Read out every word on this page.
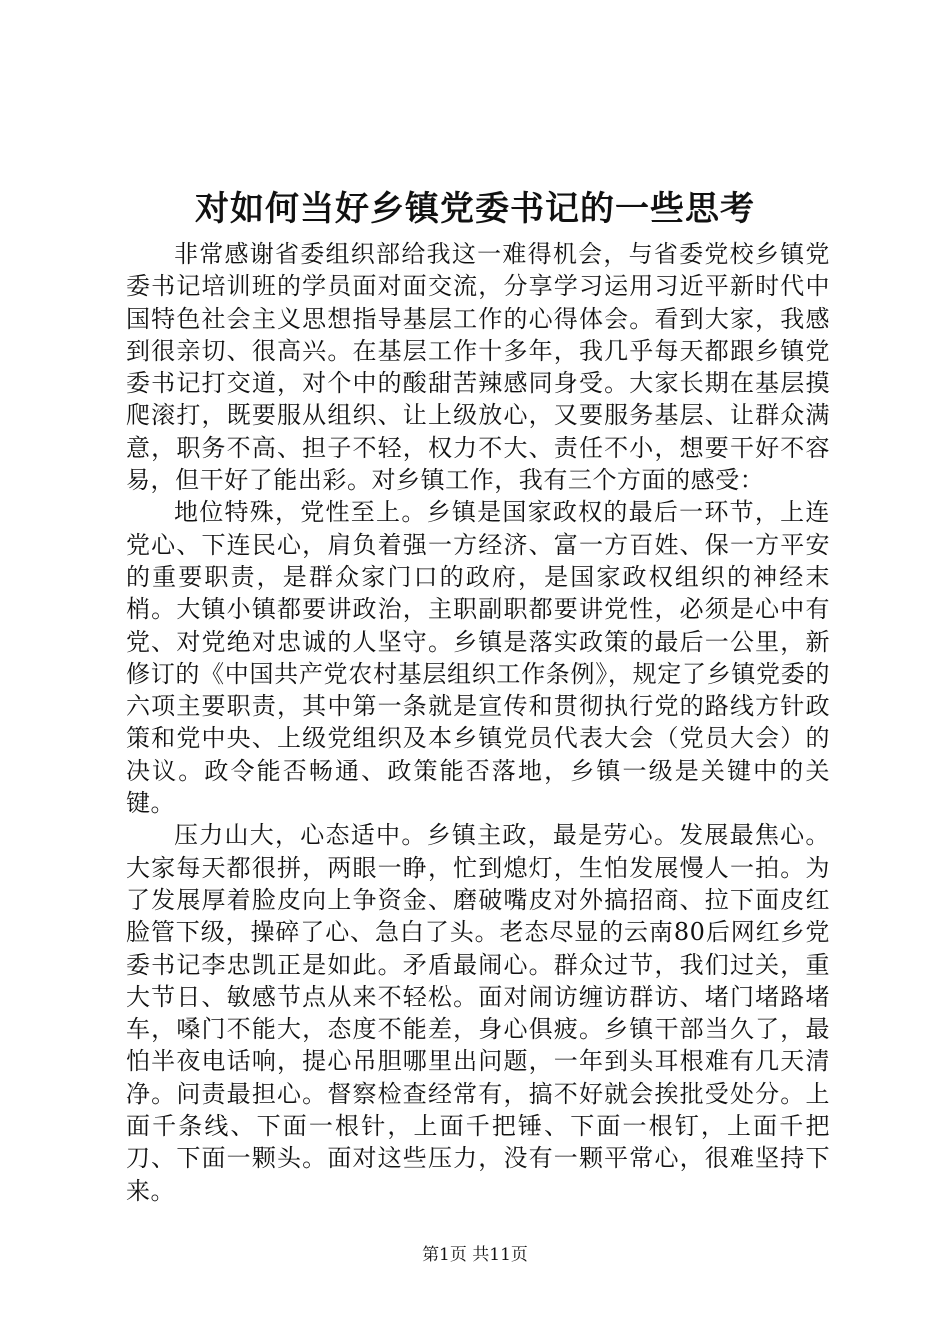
对如何当好乡镇党委书记的一些思考

非常感谢省委组织部给我这一难得机会，与省委党校乡镇党委书记培训班的学员面对面交流，分享学习运用习近平新时代中国特色社会主义思想指导基层工作的心得体会。看到大家，我感到很亲切、很高兴。在基层工作十多年，我几乎每天都跟乡镇党委书记打交道，对个中的酸甜苦辣感同身受。大家长期在基层摸爬滚打，既要服从组织、让上级放心，又要服务基层、让群众满意，职务不高、担子不轻，权力不大、责任不小，想要干好不容易，但干好了能出彩。对乡镇工作，我有三个方面的感受：

地位特殊，党性至上。乡镇是国家政权的最后一环节，上连党心、下连民心，肩负着强一方经济、富一方百姓、保一方平安的重要职责，是群众家门口的政府，是国家政权组织的神经末梢。大镇小镇都要讲政治，主职副职都要讲党性，必须是心中有党、对党绝对忠诚的人坚守。乡镇是落实政策的最后一公里，新修订的《中国共产党农村基层组织工作条例》，规定了乡镇党委的六项主要职责，其中第一条就是宣传和贯彻执行党的路线方针政策和党中央、上级党组织及本乡镇党员代表大会（党员大会）的决议。政令能否畅通、政策能否落地，乡镇一级是关键中的关键。

压力山大，心态适中。乡镇主政，最是劳心。发展最焦心。大家每天都很拼，两眼一睁，忙到熄灯，生怕发展慢人一拍。为了发展厚着脸皮向上争资金、磨破嘴皮对外搞招商、拉下面皮红脸管下级，操碎了心、急白了头。老态尽显的云南80后网红乡党委书记李忠凯正是如此。矛盾最闹心。群众过节，我们过关，重大节日、敏感节点从来不轻松。面对闹访缠访群访、堵门堵路堵车，嗓门不能大，态度不能差，身心俱疲。乡镇干部当久了，最怕半夜电话响，提心吊胆哪里出问题，一年到头耳根难有几天清净。问责最担心。督察检查经常有，搞不好就会挨批受处分。上面千条线、下面一根针，上面千把锤、下面一根钉，上面千把刀、下面一颗头。面对这些压力，没有一颗平常心，很难坚持下来。

第1页 共11页
